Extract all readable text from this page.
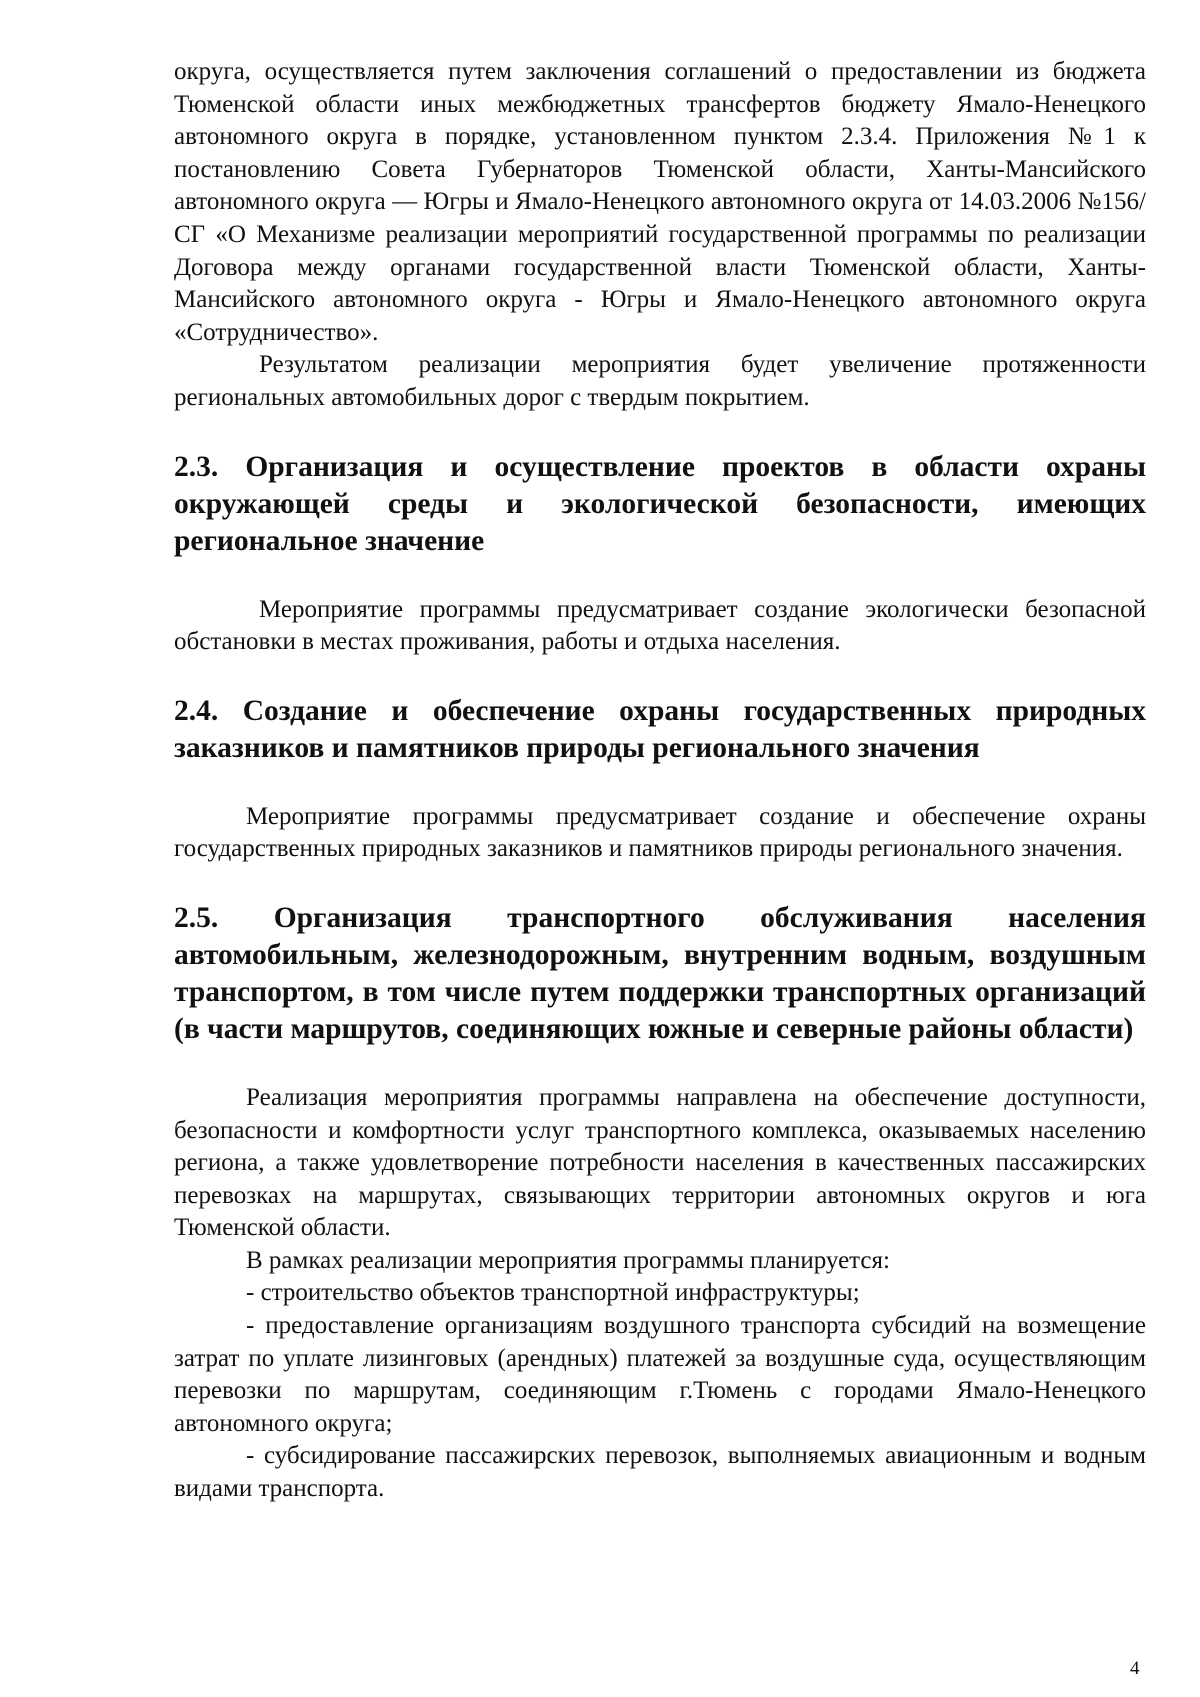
округа, осуществляется путем заключения соглашений о предоставлении из бюджета Тюменской области иных межбюджетных трансфертов бюджету Ямало-Ненецкого автономного округа в порядке, установленном пунктом 2.3.4. Приложения №1 к постановлению Совета Губернаторов Тюменской области, Ханты-Мансийского автономного округа — Югры и Ямало-Ненецкого автономного округа от 14.03.2006 №156/СГ «О Механизме реализации мероприятий государственной программы по реализации Договора между органами государственной власти Тюменской области, Ханты-Мансийского автономного округа - Югры и Ямало-Ненецкого автономного округа «Сотрудничество».

Результатом реализации мероприятия будет увеличение протяженности региональных автомобильных дорог с твердым покрытием.

2.3. Организация и осуществление проектов в области охраны окружающей среды и экологической безопасности, имеющих региональное значение

Мероприятие программы предусматривает создание экологически безопасной обстановки в местах проживания, работы и отдыха населения.

2.4. Создание и обеспечение охраны государственных природных заказников и памятников природы регионального значения

Мероприятие программы предусматривает создание и обеспечение охраны государственных природных заказников и памятников природы регионального значения.

2.5. Организация транспортного обслуживания населения автомобильным, железнодорожным, внутренним водным, воздушным транспортом, в том числе путем поддержки транспортных организаций (в части маршрутов, соединяющих южные и северные районы области)

Реализация мероприятия программы направлена на обеспечение доступности, безопасности и комфортности услуг транспортного комплекса, оказываемых населению региона, а также удовлетворение потребности населения в качественных пассажирских перевозках на маршрутах, связывающих территории автономных округов и юга Тюменской области.

В рамках реализации мероприятия программы планируется:

- строительство объектов транспортной инфраструктуры;

- предоставление организациям воздушного транспорта субсидий на возмещение затрат по уплате лизинговых (арендных) платежей за воздушные суда, осуществляющим перевозки по маршрутам, соединяющим г.Тюмень с городами Ямало-Ненецкого автономного округа;

- субсидирование пассажирских перевозок, выполняемых авиационным и водным видами транспорта.

4
